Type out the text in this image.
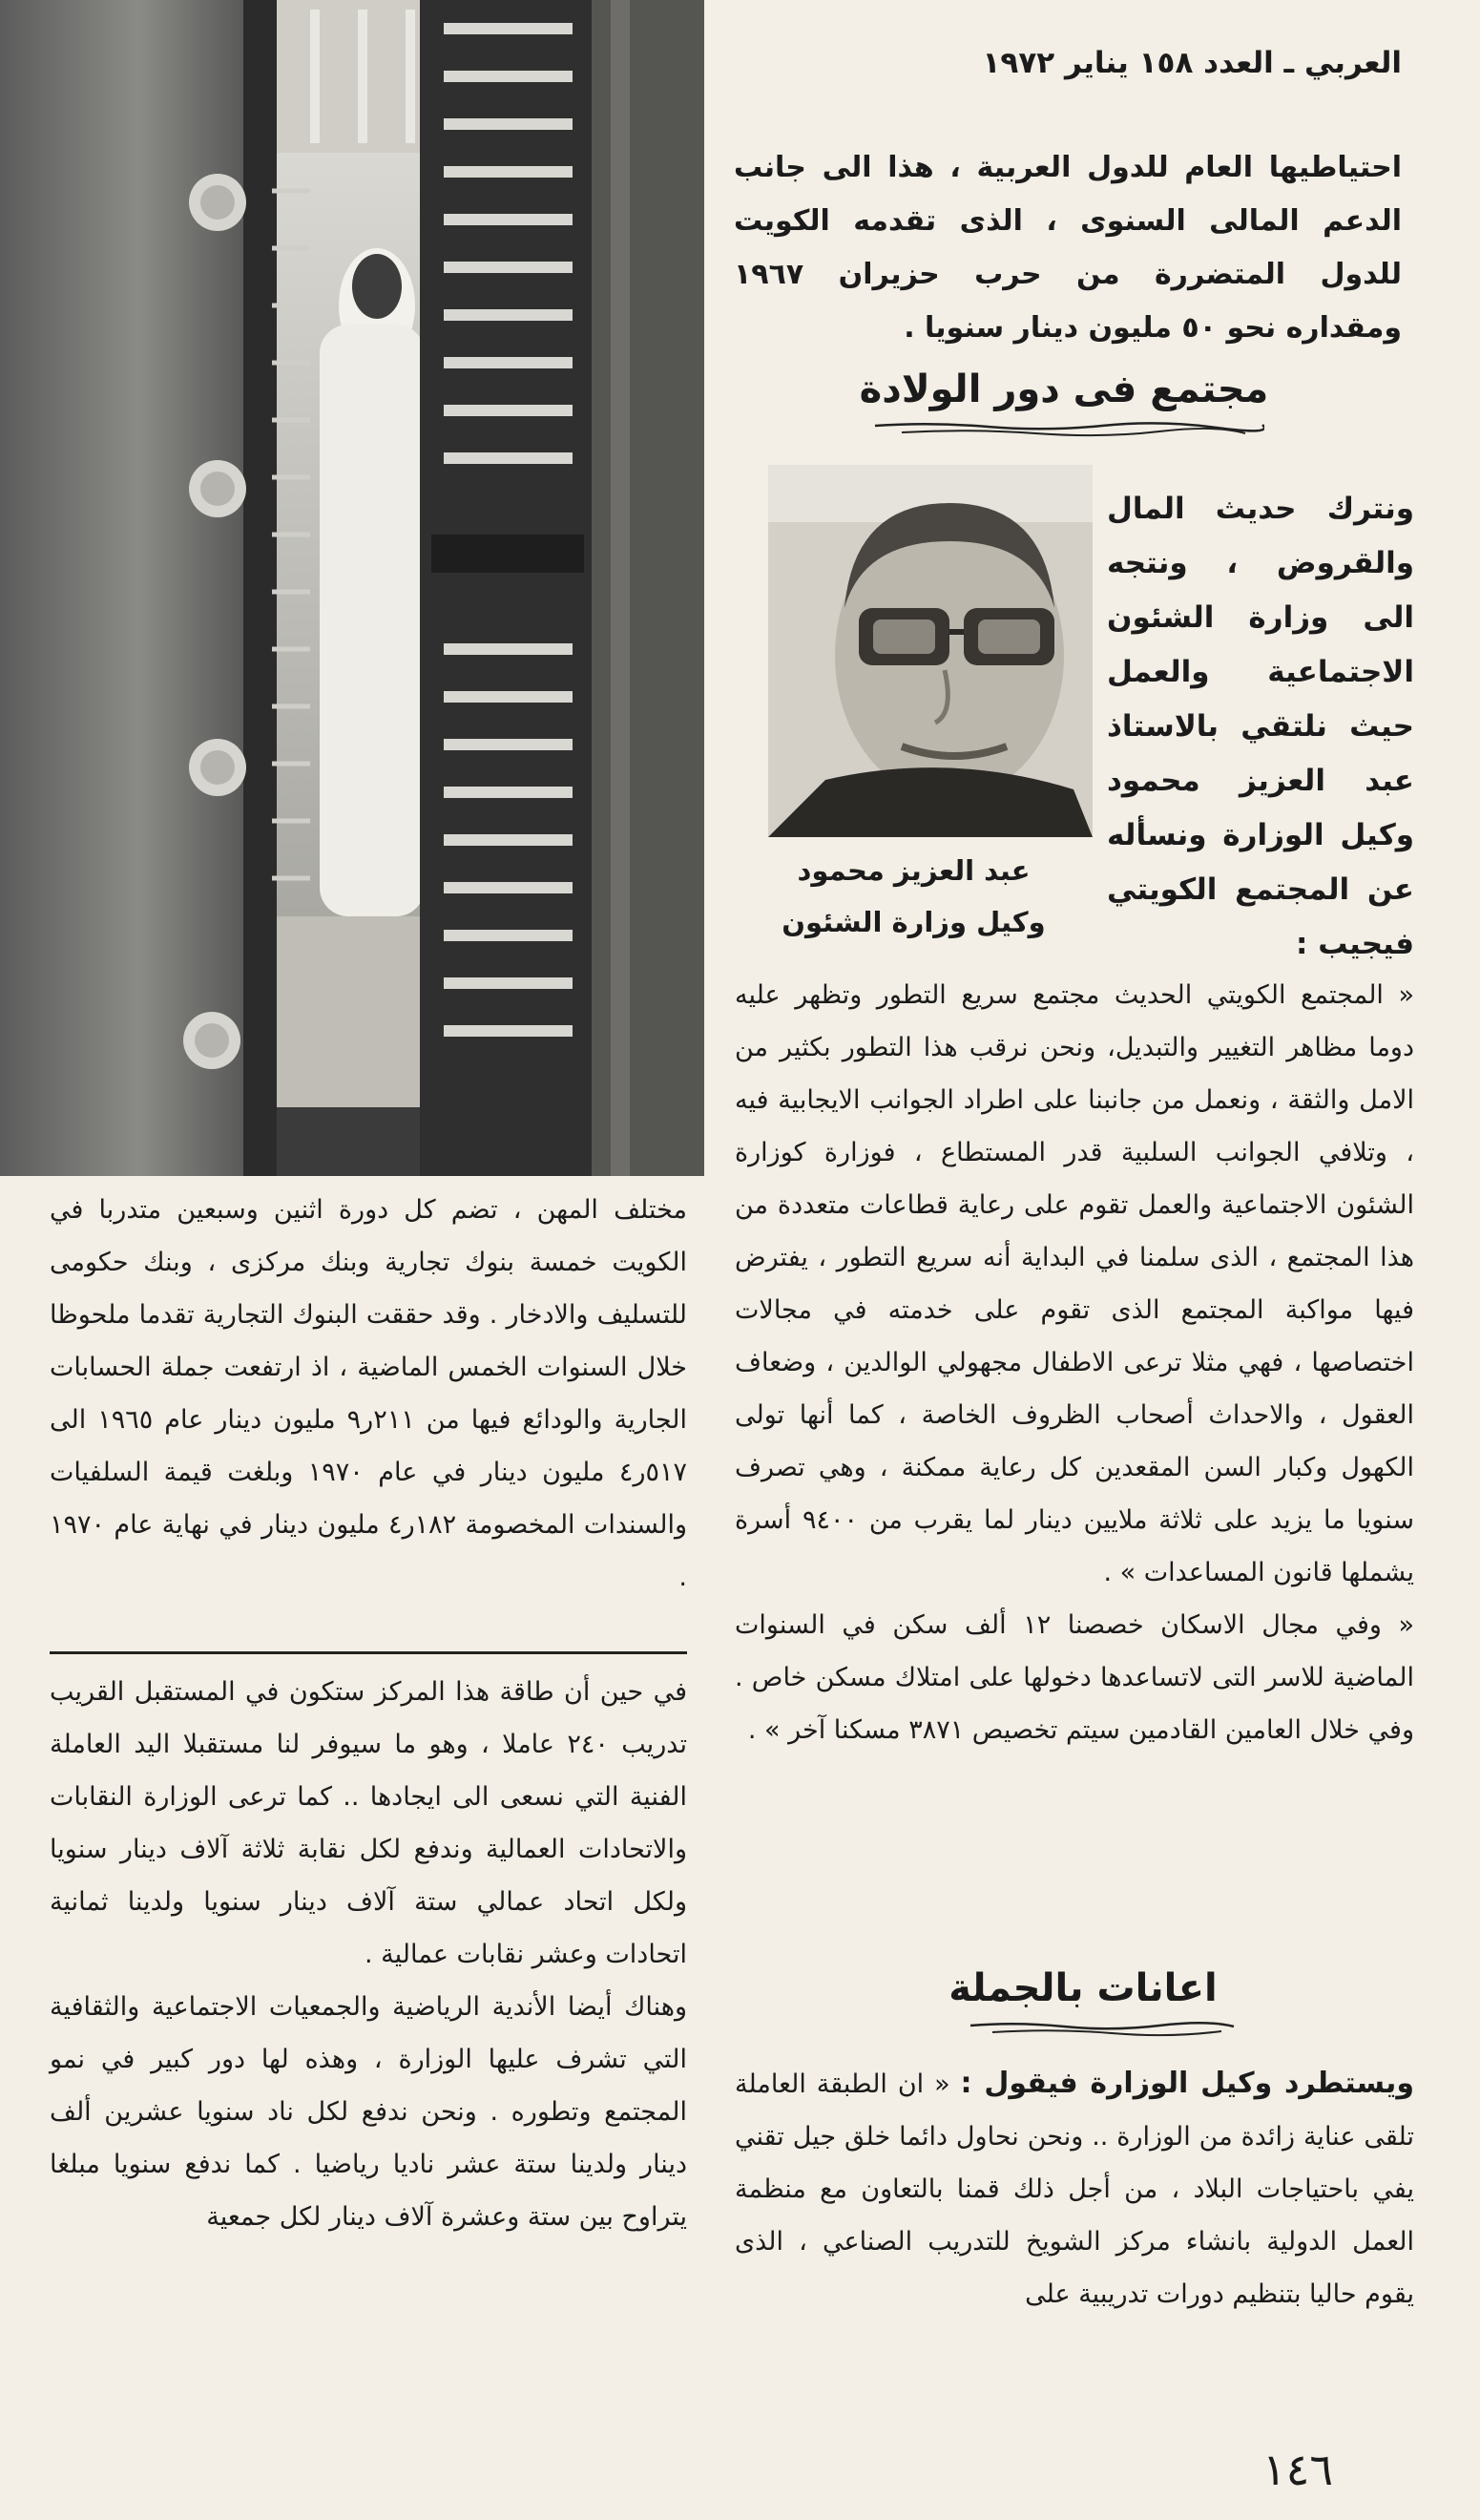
العربي ـ العدد ١٥٨ يناير ١٩٧٢
احتياطيها العام للدول العربية ، هذا الى جانب الدعم المالى السنوى ، الذى تقدمه الكويت للدول المتضررة من حرب حزيران ١٩٦٧ ومقداره نحو ٥٠ مليون دينار سنويا .
مجتمع فى دور الولادة
ونترك حديث المال والقروض ، ونتجه الى وزارة الشئون الاجتماعية والعمل حيث نلتقي بالاستاذ عبد العزيز محمود وكيل الوزارة ونسأله عن المجتمع الكويتي فيجيب :
عبد العزيز محمود
وكيل وزارة الشئون

« المجتمع الكويتي الحديث مجتمع سريع التطور وتظهر عليه دوما مظاهر التغيير والتبديل، ونحن نرقب هذا التطور بكثير من الامل والثقة ، ونعمل من جانبنا على اطراد الجوانب الايجابية فيه ، وتلافي الجوانب السلبية قدر المستطاع ، فوزارة كوزارة الشئون الاجتماعية والعمل تقوم على رعاية قطاعات متعددة من هذا المجتمع ، الذى سلمنا في البداية أنه سريع التطور ، يفترض فيها مواكبة المجتمع الذى تقوم على خدمته في مجالات اختصاصها ، فهي مثلا ترعى الاطفال مجهولي الوالدين ، وضعاف العقول ، والاحداث أصحاب الظروف الخاصة ، كما أنها تولى الكهول وكبار السن المقعدين كل رعاية ممكنة ، وهي تصرف سنويا ما يزيد على ثلاثة ملايين دينار لما يقرب من ٩٤٠٠ أسرة يشملها قانون المساعدات » .

« وفي مجال الاسكان خصصنا ١٢ ألف سكن في السنوات الماضية للاسر التى لاتساعدها دخولها على امتلاك مسكن خاص . وفي خلال العامين القادمين سيتم تخصيص ٣٨٧١ مسكنا آخر » .

اعانات بالجملة
ويستطرد وكيل الوزارة فيقول : « ان الطبقة العاملة تلقى عناية زائدة من الوزارة .. ونحن نحاول دائما خلق جيل تقني يفي باحتياجات البلاد ، من أجل ذلك قمنا بالتعاون مع منظمة العمل الدولية بانشاء مركز الشويخ للتدريب الصناعي ، الذى يقوم حاليا بتنظيم دورات تدريبية على
مختلف المهن ، تضم كل دورة اثنين وسبعين متدربا في الكويت خمسة بنوك تجارية وبنك مركزى ، وبنك حكومى للتسليف والادخار . وقد حققت البنوك التجارية تقدما ملحوظا خلال السنوات الخمس الماضية ، اذ ارتفعت جملة الحسابات الجارية والودائع فيها من ٢١١ر٩ مليون دينار عام ١٩٦٥ الى ٥١٧ر٤ مليون دينار في عام ١٩٧٠ وبلغت قيمة السلفيات والسندات المخصومة ١٨٢ر٤ مليون دينار في نهاية عام ١٩٧٠ .

في حين أن طاقة هذا المركز ستكون في المستقبل القريب تدريب ٢٤٠ عاملا ، وهو ما سيوفر لنا مستقبلا اليد العاملة الفنية التي نسعى الى ايجادها .. كما ترعى الوزارة النقابات والاتحادات العمالية وندفع لكل نقابة ثلاثة آلاف دينار سنويا ولكل اتحاد عمالي ستة آلاف دينار سنويا ولدينا ثمانية اتحادات وعشر نقابات عمالية .

وهناك أيضا الأندية الرياضية والجمعيات الاجتماعية والثقافية التي تشرف عليها الوزارة ، وهذه لها دور كبير في نمو المجتمع وتطوره . ونحن ندفع لكل ناد سنويا عشرين ألف دينار ولدينا ستة عشر ناديا رياضيا . كما ندفع سنويا مبلغا يتراوح بين ستة وعشرة آلاف دينار لكل جمعية

١٤٦
